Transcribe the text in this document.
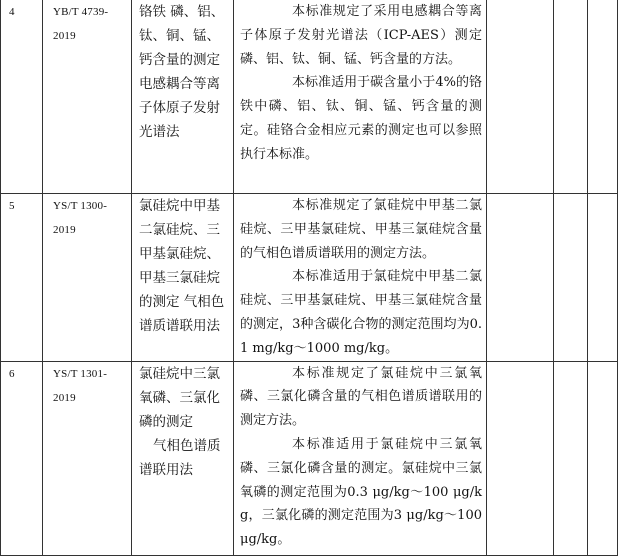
4	YB/T 4739-2019	铬铁 磷、铝、钛、铜、锰、钙含量的测定 电感耦合等离子体原子发射光谱法	本标准规定了采用电感耦合等离子体原子发射光谱法（ICP-AES）测定磷、铝、钛、铜、锰、钙含量的方法。
本标准适用于碳含量小于4%的铬铁中磷、铝、钛、铜、锰、钙含量的测定。硅铬合金相应元素的测定也可以参照执行本标准。			

5	YS/T 1300-2019	氯硅烷中甲基二氯硅烷、三甲基氯硅烷、甲基三氯硅烷的测定 气相色谱质谱联用法	本标准规定了氯硅烷中甲基二氯硅烷、三甲基氯硅烷、甲基三氯硅烷含量的气相色谱质谱联用的测定方法。
本标准适用于氯硅烷中甲基二氯硅烷、三甲基氯硅烷、甲基三氯硅烷含量的测定，3种含碳化合物的测定范围均为0.1 mg/kg～1000 mg/kg。			

6	YS/T 1301-2019	氯硅烷中三氯氧磷、三氯化磷的测定
气相色谱质谱联用法	本标准规定了氯硅烷中三氯氧磷、三氯化磷含量的气相色谱质谱联用的测定方法。
本标准适用于氯硅烷中三氯氧磷、三氯化磷含量的测定。氯硅烷中三氯氧磷的测定范围为0.3 μg/kg～100 μg/kg，三氯化磷的测定范围为3 μg/kg～100 μg/kg。			
